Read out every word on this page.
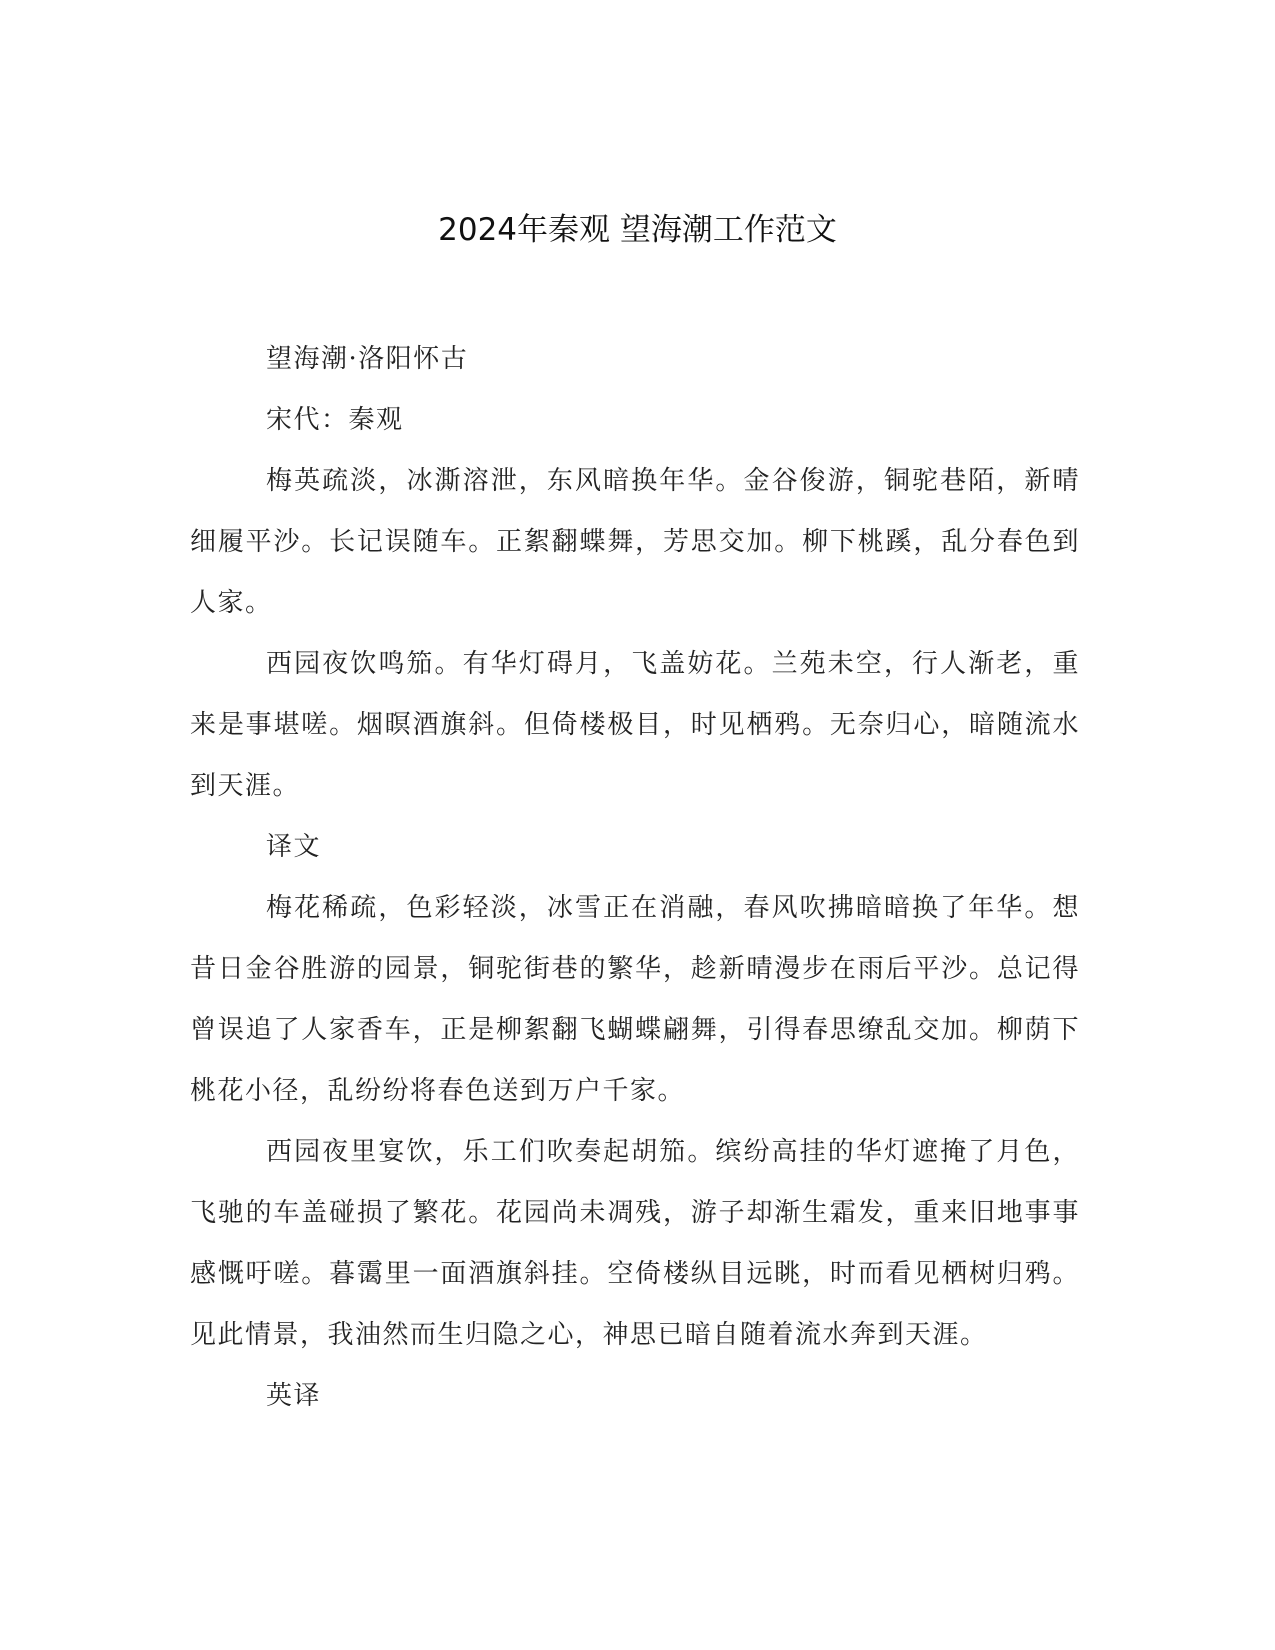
2024年秦观 望海潮工作范文

望海潮·洛阳怀古

宋代：秦观

梅英疏淡，冰澌溶泄，东风暗换年华。金谷俊游，铜驼巷陌，新晴细履平沙。长记误随车。正絮翻蝶舞，芳思交加。柳下桃蹊，乱分春色到人家。

西园夜饮鸣笳。有华灯碍月，飞盖妨花。兰苑未空，行人渐老，重来是事堪嗟。烟暝酒旗斜。但倚楼极目，时见栖鸦。无奈归心，暗随流水到天涯。

译文

梅花稀疏，色彩轻淡，冰雪正在消融，春风吹拂暗暗换了年华。想昔日金谷胜游的园景，铜驼街巷的繁华，趁新晴漫步在雨后平沙。总记得曾误追了人家香车，正是柳絮翻飞蝴蝶翩舞，引得春思缭乱交加。柳荫下桃花小径，乱纷纷将春色送到万户千家。

西园夜里宴饮，乐工们吹奏起胡笳。缤纷高挂的华灯遮掩了月色，飞驰的车盖碰损了繁花。花园尚未凋残，游子却渐生霜发，重来旧地事事感慨吁嗟。暮霭里一面酒旗斜挂。空倚楼纵目远眺，时而看见栖树归鸦。见此情景，我油然而生归隐之心，神思已暗自随着流水奔到天涯。

英译
